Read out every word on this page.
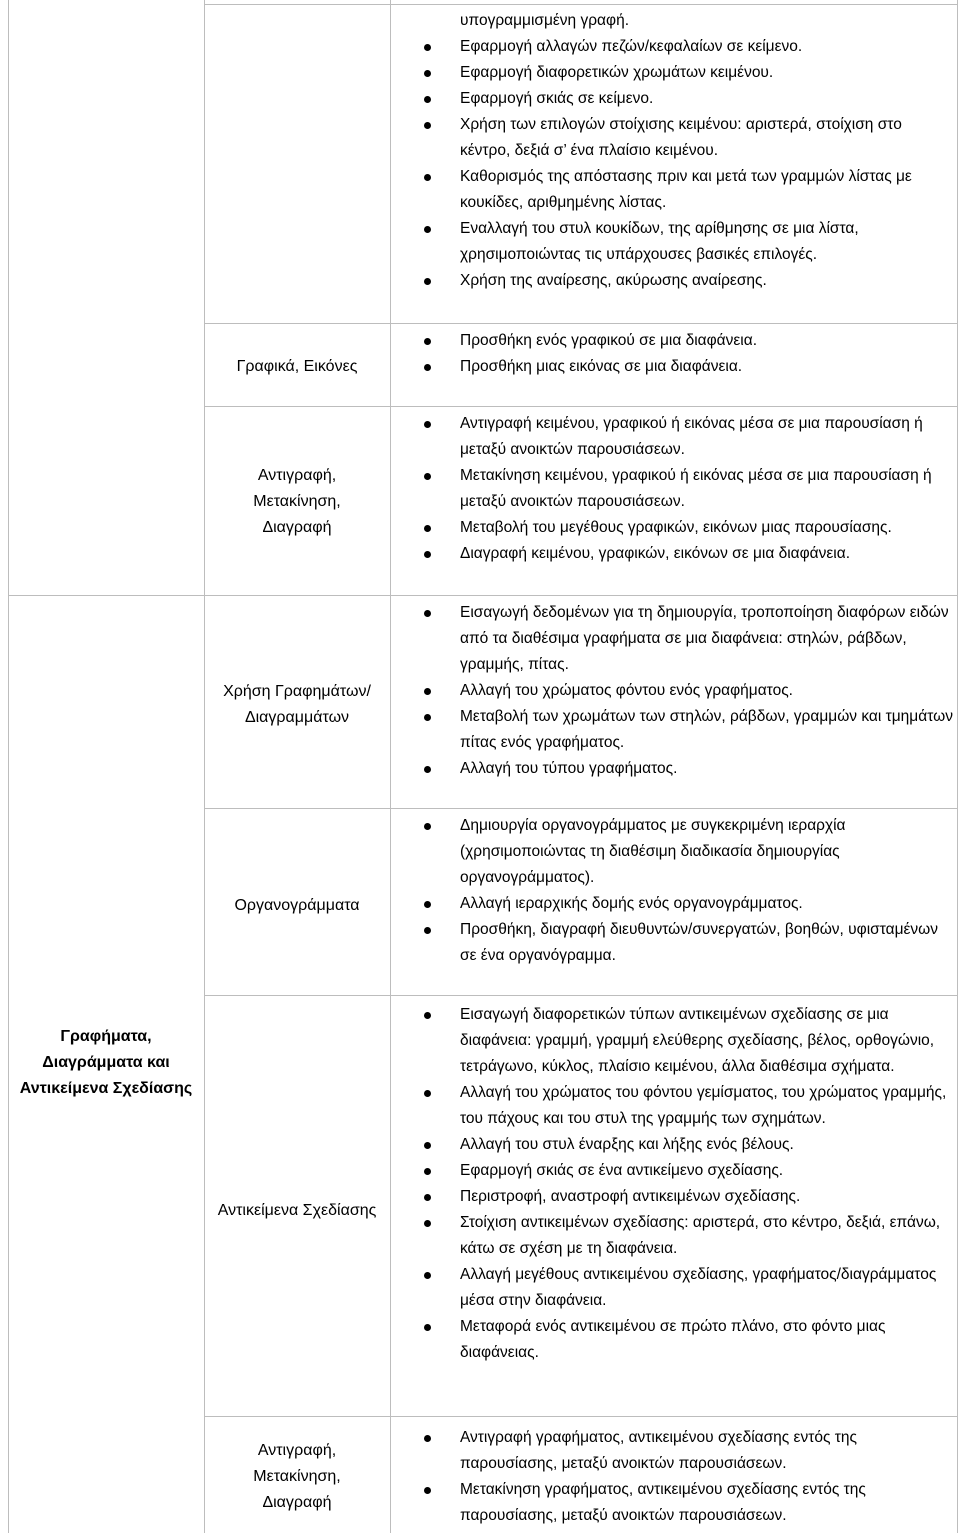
Γραφήματα,
Διαγράμματα και
Αντικείμενα Σχεδίασης
υπογραμμισμένη γραφή.
Εφαρμογή αλλαγών πεζών/κεφαλαίων σε κείμενο.
Εφαρμογή διαφορετικών χρωμάτων κειμένου.
Εφαρμογή σκιάς σε κείμενο.
Χρήση των επιλογών στοίχισης κειμένου: αριστερά, στοίχιση στο κέντρο, δεξιά σ’ ένα πλαίσιο κειμένου.
Καθορισμός της απόστασης πριν και μετά των γραμμών λίστας με κουκίδες, αριθμημένης λίστας.
Εναλλαγή του στυλ κουκίδων, της αρίθμησης σε μια λίστα, χρησιμοποιώντας τις υπάρχουσες βασικές επιλογές.
Χρήση της αναίρεσης, ακύρωσης αναίρεσης.
Γραφικά, Εικόνες
Προσθήκη ενός γραφικού σε μια διαφάνεια.
Προσθήκη μιας εικόνας σε μια διαφάνεια.
Αντιγραφή,
Μετακίνηση,
Διαγραφή
Αντιγραφή κειμένου, γραφικού ή εικόνας μέσα σε μια παρουσίαση ή μεταξύ ανοικτών παρουσιάσεων.
Μετακίνηση κειμένου, γραφικού ή εικόνας μέσα σε μια παρουσίαση ή μεταξύ ανοικτών παρουσιάσεων.
Μεταβολή του μεγέθους γραφικών, εικόνων μιας παρουσίασης.
Διαγραφή κειμένου, γραφικών, εικόνων σε μια διαφάνεια.
Χρήση Γραφημάτων/
Διαγραμμάτων
Εισαγωγή δεδομένων για τη δημιουργία, τροποποίηση διαφόρων ειδών από τα διαθέσιμα γραφήματα σε μια διαφάνεια: στηλών, ράβδων, γραμμής, πίτας.
Αλλαγή του χρώματος φόντου ενός γραφήματος.
Μεταβολή των χρωμάτων των στηλών, ράβδων, γραμμών και τμημάτων πίτας ενός γραφήματος.
Αλλαγή του τύπου γραφήματος.
Οργανογράμματα
Δημιουργία οργανογράμματος με συγκεκριμένη ιεραρχία (χρησιμοποιώντας τη διαθέσιμη διαδικασία δημιουργίας οργανογράμματος).
Αλλαγή ιεραρχικής δομής ενός οργανογράμματος.
Προσθήκη, διαγραφή διευθυντών/συνεργατών, βοηθών, υφισταμένων σε ένα οργανόγραμμα.
Αντικείμενα Σχεδίασης
Εισαγωγή διαφορετικών τύπων αντικειμένων σχεδίασης σε μια διαφάνεια: γραμμή, γραμμή ελεύθερης σχεδίασης, βέλος, ορθογώνιο, τετράγωνο, κύκλος, πλαίσιο κειμένου, άλλα διαθέσιμα σχήματα.
Αλλαγή του χρώματος του φόντου γεμίσματος, του χρώματος γραμμής, του πάχους και του στυλ της γραμμής των σχημάτων.
Αλλαγή του στυλ έναρξης και λήξης ενός βέλους.
Εφαρμογή σκιάς σε ένα αντικείμενο σχεδίασης.
Περιστροφή, αναστροφή αντικειμένων σχεδίασης.
Στοίχιση αντικειμένων σχεδίασης: αριστερά, στο κέντρο, δεξιά, επάνω, κάτω σε σχέση με τη διαφάνεια.
Αλλαγή μεγέθους αντικειμένου σχεδίασης, γραφήματος/διαγράμματος μέσα στην διαφάνεια.
Μεταφορά ενός αντικειμένου σε πρώτο πλάνο, στο φόντο μιας διαφάνειας.
Αντιγραφή,
Μετακίνηση,
Διαγραφή
Αντιγραφή γραφήματος, αντικειμένου σχεδίασης εντός της παρουσίασης, μεταξύ ανοικτών παρουσιάσεων.
Μετακίνηση γραφήματος, αντικειμένου σχεδίασης εντός της παρουσίασης, μεταξύ ανοικτών παρουσιάσεων.
